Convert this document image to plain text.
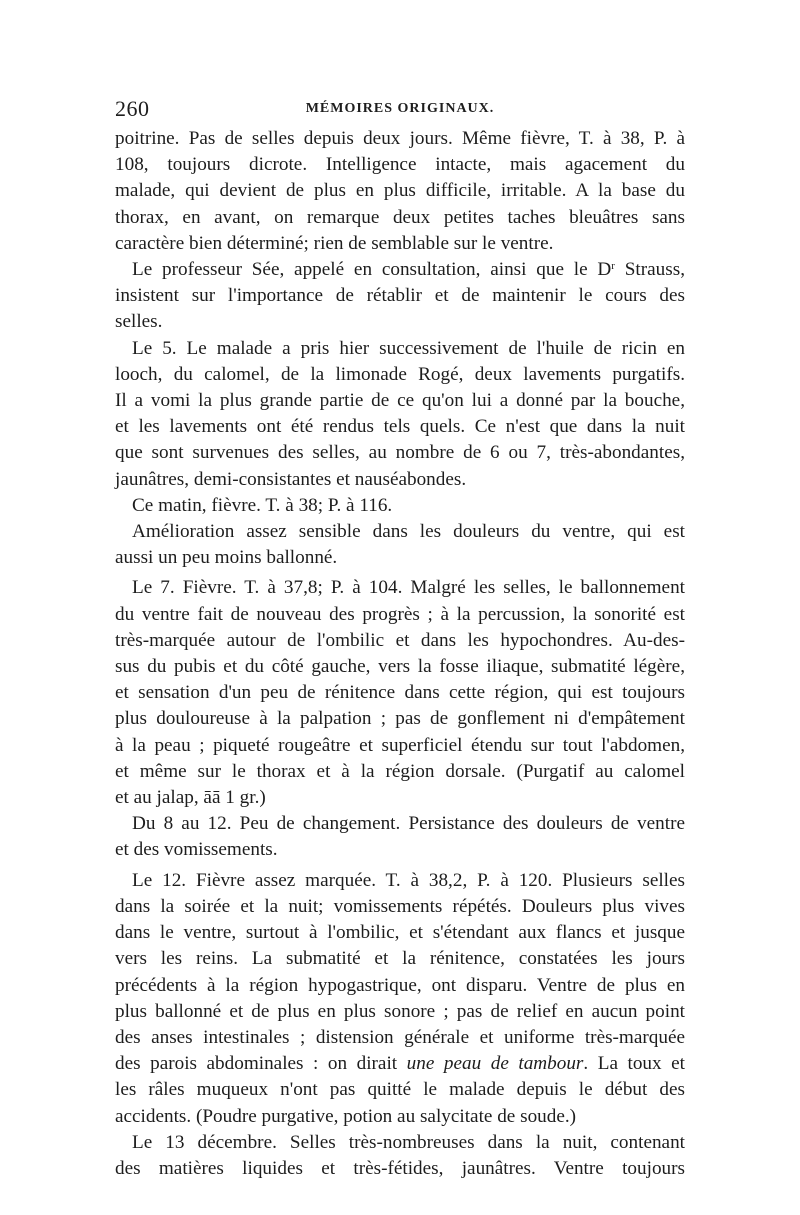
260	MÉMOIRES ORIGINAUX.

poitrine. Pas de selles depuis deux jours. Même fièvre, T. à 38, P. à
108, toujours dicrote. Intelligence intacte, mais agacement du
malade, qui devient de plus en plus difficile, irritable. A la base du
thorax, en avant, on remarque deux petites taches bleuâtres sans
caractère bien déterminé; rien de semblable sur le ventre.

Le professeur Sée, appelé en consultation, ainsi que le $D^r$ Strauss,
insistent sur l'importance de rétablir et de maintenir le cours des
selles.

Le 5. Le malade a pris hier successivement de l'huile de ricin en
looch, du calomel, de la limonade Rogé, deux lavements purgatifs.
Il a vomi la plus grande partie de ce qu'on lui a donné par la bouche,
et les lavements ont été rendus tels quels. Ce n'est que dans la nuit
que sont survenues des selles, au nombre de 6 ou 7, très-abondantes,
jaunâtres, demi-consistantes et nauséabondes.

Ce matin, fièvre. T. à 38; P. à 116.

Amélioration assez sensible dans les douleurs du ventre, qui est
aussi un peu moins ballonné.

Le 7. Fièvre. T. à 37,8; P. à 104. Malgré les selles, le ballonnement
du ventre fait de nouveau des progrès ; à la percussion, la sonorité est
très-marquée autour de l'ombilic et dans les hypochondres. Au-des-
sus du pubis et du côté gauche, vers la fosse iliaque, submatité légère,
et sensation d'un peu de rénitence dans cette région, qui est toujours
plus douloureuse à la palpation ; pas de gonflement ni d'empâtement
à la peau ; piqueté rougeâtre et superficiel étendu sur tout l'abdomen,
et même sur le thorax et à la région dorsale. (Purgatif au calomel
et au jalap, āā 1 gr.)

Du 8 au 12. Peu de changement. Persistance des douleurs de ventre
et des vomissements.

Le 12. Fièvre assez marquée. T. à 38,2, P. à 120. Plusieurs selles
dans la soirée et la nuit; vomissements répétés. Douleurs plus vives
dans le ventre, surtout à l'ombilic, et s'étendant aux flancs et jusque
vers les reins. La submatité et la rénitence, constatées les jours
précédents à la région hypogastrique, ont disparu. Ventre de plus en
plus ballonné et de plus en plus sonore ; pas de relief en aucun point
des anses intestinales ; distension générale et uniforme très-marquée
des parois abdominales : on dirait une peau de tambour. La toux et
les râles muqueux n'ont pas quitté le malade depuis le début des
accidents. (Poudre purgative, potion au salycitate de soude.)

Le 13 décembre. Selles très-nombreuses dans la nuit, contenant
des matières liquides et très-fétides, jaunâtres. Ventre toujours
